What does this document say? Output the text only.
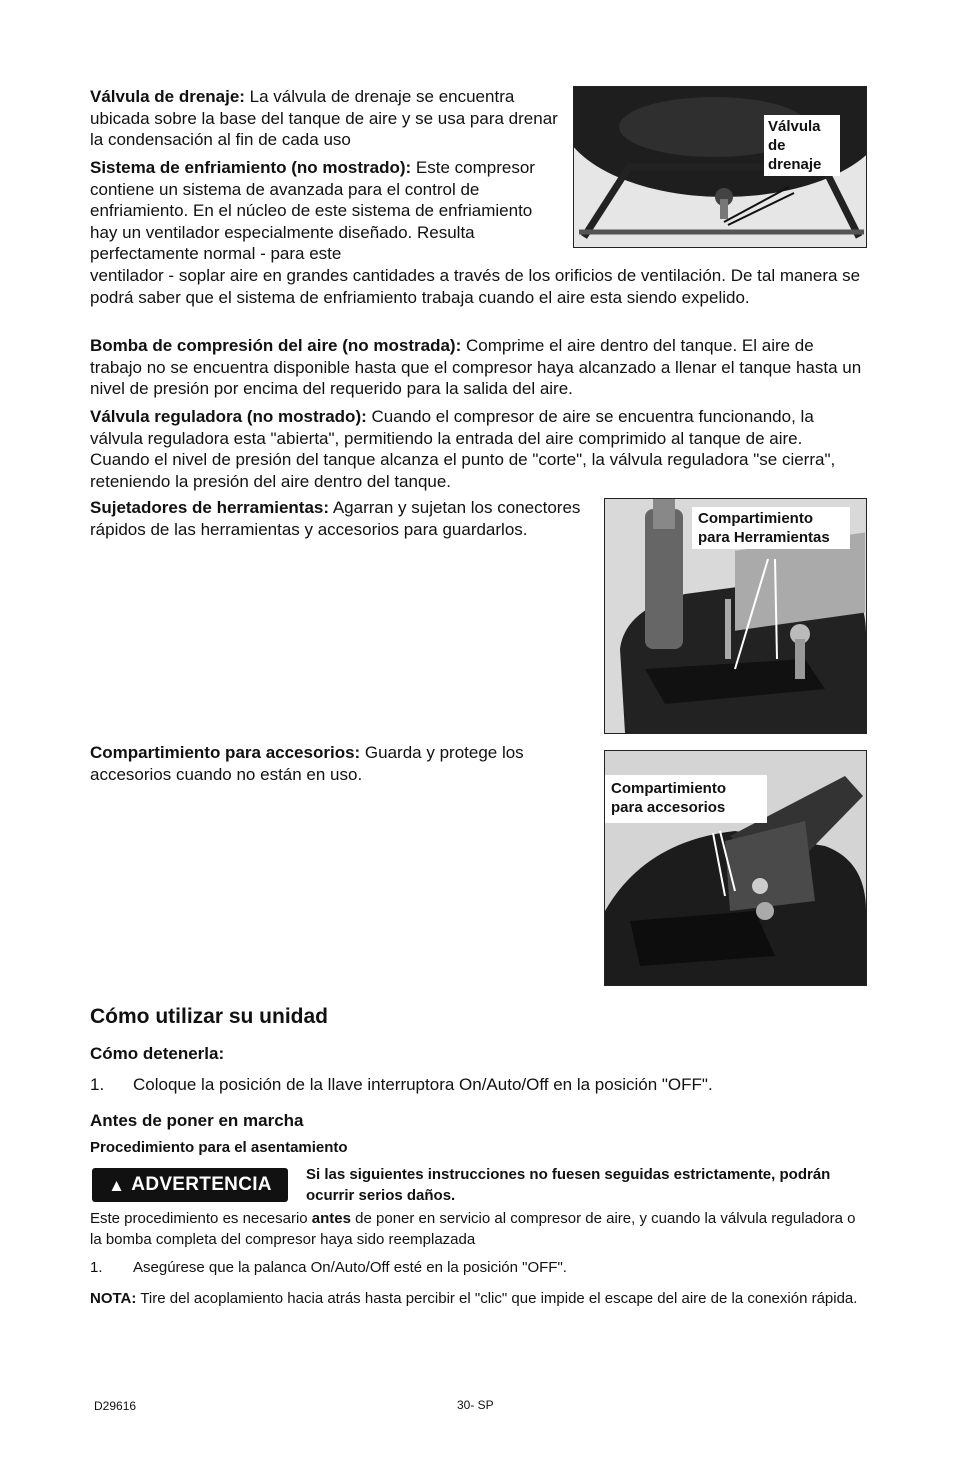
Válvula de drenaje: La válvula de drenaje se encuentra ubicada sobre la base del tanque de aire y se usa para drenar la condensación al fin de cada uso

Sistema de enfriamiento (no mostrado): Este compresor contiene un sistema de avanzada para el control de enfriamiento. En el núcleo de este sistema de enfriamiento hay un ventilador especialmente diseñado. Resulta perfectamente normal - para este

ventilador - soplar aire en grandes cantidades a través de los orificios de ventilación. De tal manera se podrá saber que el sistema de enfriamiento trabaja cuando el aire esta siendo expelido.

Válvula de drenaje

Bomba de compresión del aire (no mostrada): Comprime el aire dentro del tanque. El aire de trabajo no se encuentra disponible hasta que el compresor haya alcanzado a llenar el tanque hasta un nivel de presión por encima del requerido para la salida del aire.

Válvula reguladora (no mostrado): Cuando el compresor de aire se encuentra funcionando, la válvula reguladora esta "abierta", permitiendo la entrada del aire comprimido al tanque de aire. Cuando el nivel de presión del tanque alcanza el punto de "corte", la válvula reguladora "se cierra", reteniendo la presión del aire dentro del tanque.

Sujetadores de herramientas: Agarran y sujetan los conectores rápidos de las herramientas y accesorios para guardarlos.

Compartimiento para Herramientas

Compartimiento para accesorios: Guarda y protege los accesorios cuando no están en uso.

Compartimiento para accesorios
Cómo utilizar su unidad
Cómo detenerla:
1. Coloque la posición de la llave interruptora On/Auto/Off en la posición "OFF".
Antes de poner en marcha
Procedimiento para el asentamiento
▲ ADVERTENCIA Si las siguientes instrucciones no fuesen seguidas estrictamente, podrán ocurrir serios daños.

Este procedimiento es necesario antes de poner en servicio al compresor de aire, y cuando la válvula reguladora o la bomba completa del compresor haya sido reemplazada

1. Asegúrese que la palanca On/Auto/Off esté en la posición "OFF".

NOTA: Tire del acoplamiento hacia atrás hasta percibir el "clic" que impide el escape del aire de la conexión rápida.

D29616	30- SP
